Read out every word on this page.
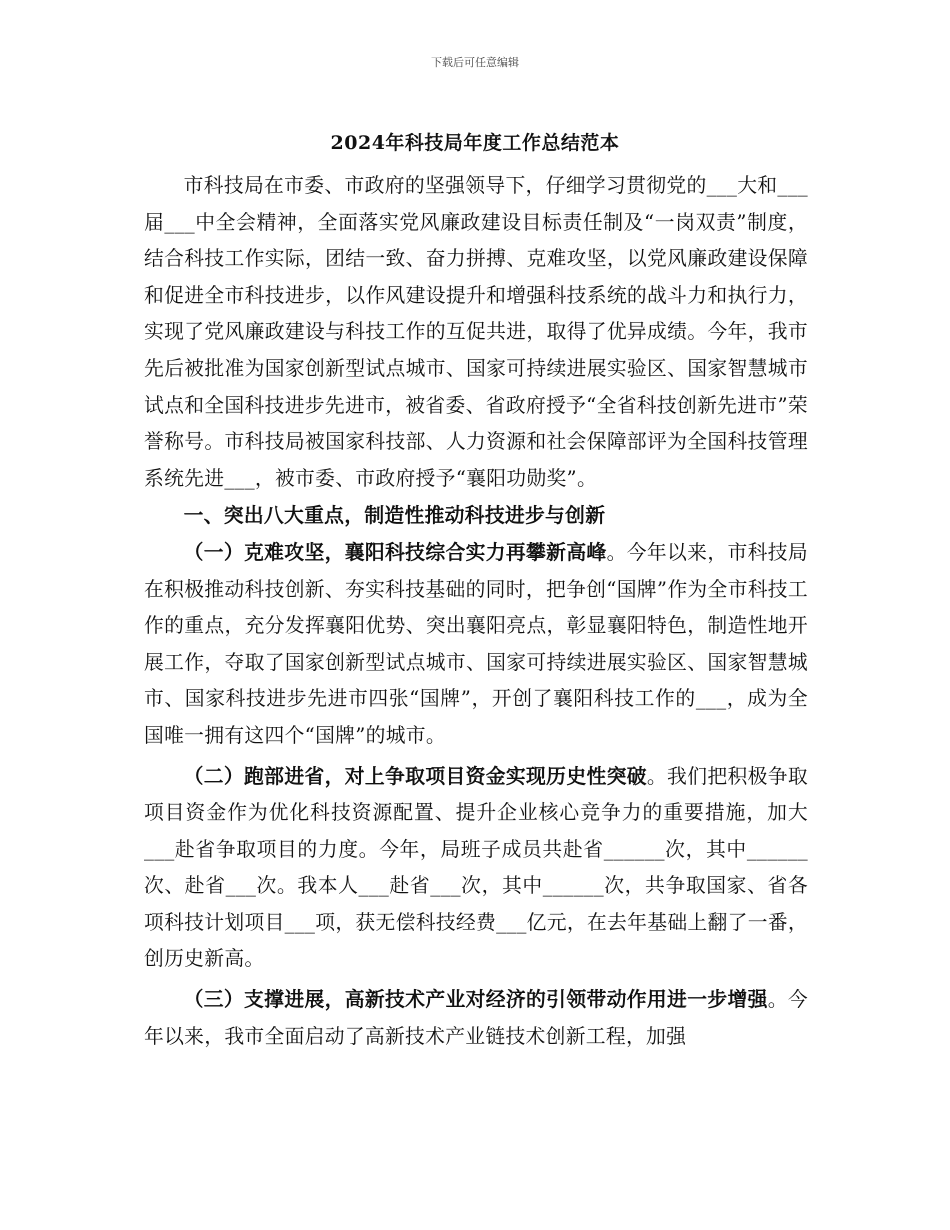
下载后可任意编辑
2024年科技局年度工作总结范本

市科技局在市委、市政府的坚强领导下，仔细学习贯彻党的___大和___届___中全会精神，全面落实党风廉政建设目标责任制及“一岗双责”制度，结合科技工作实际，团结一致、奋力拼搏、克难攻坚，以党风廉政建设保障和促进全市科技进步，以作风建设提升和增强科技系统的战斗力和执行力，实现了党风廉政建设与科技工作的互促共进，取得了优异成绩。今年，我市先后被批准为国家创新型试点城市、国家可持续进展实验区、国家智慧城市试点和全国科技进步先进市，被省委、省政府授予“全省科技创新先进市”荣誉称号。市科技局被国家科技部、人力资源和社会保障部评为全国科技管理系统先进___，被市委、市政府授予“襄阳功勋奖”。

一、突出八大重点，制造性推动科技进步与创新

（一）克难攻坚，襄阳科技综合实力再攀新高峰。今年以来，市科技局在积极推动科技创新、夯实科技基础的同时，把争创“国牌”作为全市科技工作的重点，充分发挥襄阳优势、突出襄阳亮点，彰显襄阳特色，制造性地开展工作，夺取了国家创新型试点城市、国家可持续进展实验区、国家智慧城市、国家科技进步先进市四张“国牌”，开创了襄阳科技工作的___，成为全国唯一拥有这四个“国牌”的城市。

（二）跑部进省，对上争取项目资金实现历史性突破。我们把积极争取项目资金作为优化科技资源配置、提升企业核心竞争力的重要措施，加大___赴省争取项目的力度。今年，局班子成员共赴省______次，其中______次、赴省___次。我本人___赴省___次，其中______次，共争取国家、省各项科技计划项目___项，获无偿科技经费___亿元，在去年基础上翻了一番，创历史新高。

（三）支撑进展，高新技术产业对经济的引领带动作用进一步增强。今年以来，我市全面启动了高新技术产业链技术创新工程，加强
